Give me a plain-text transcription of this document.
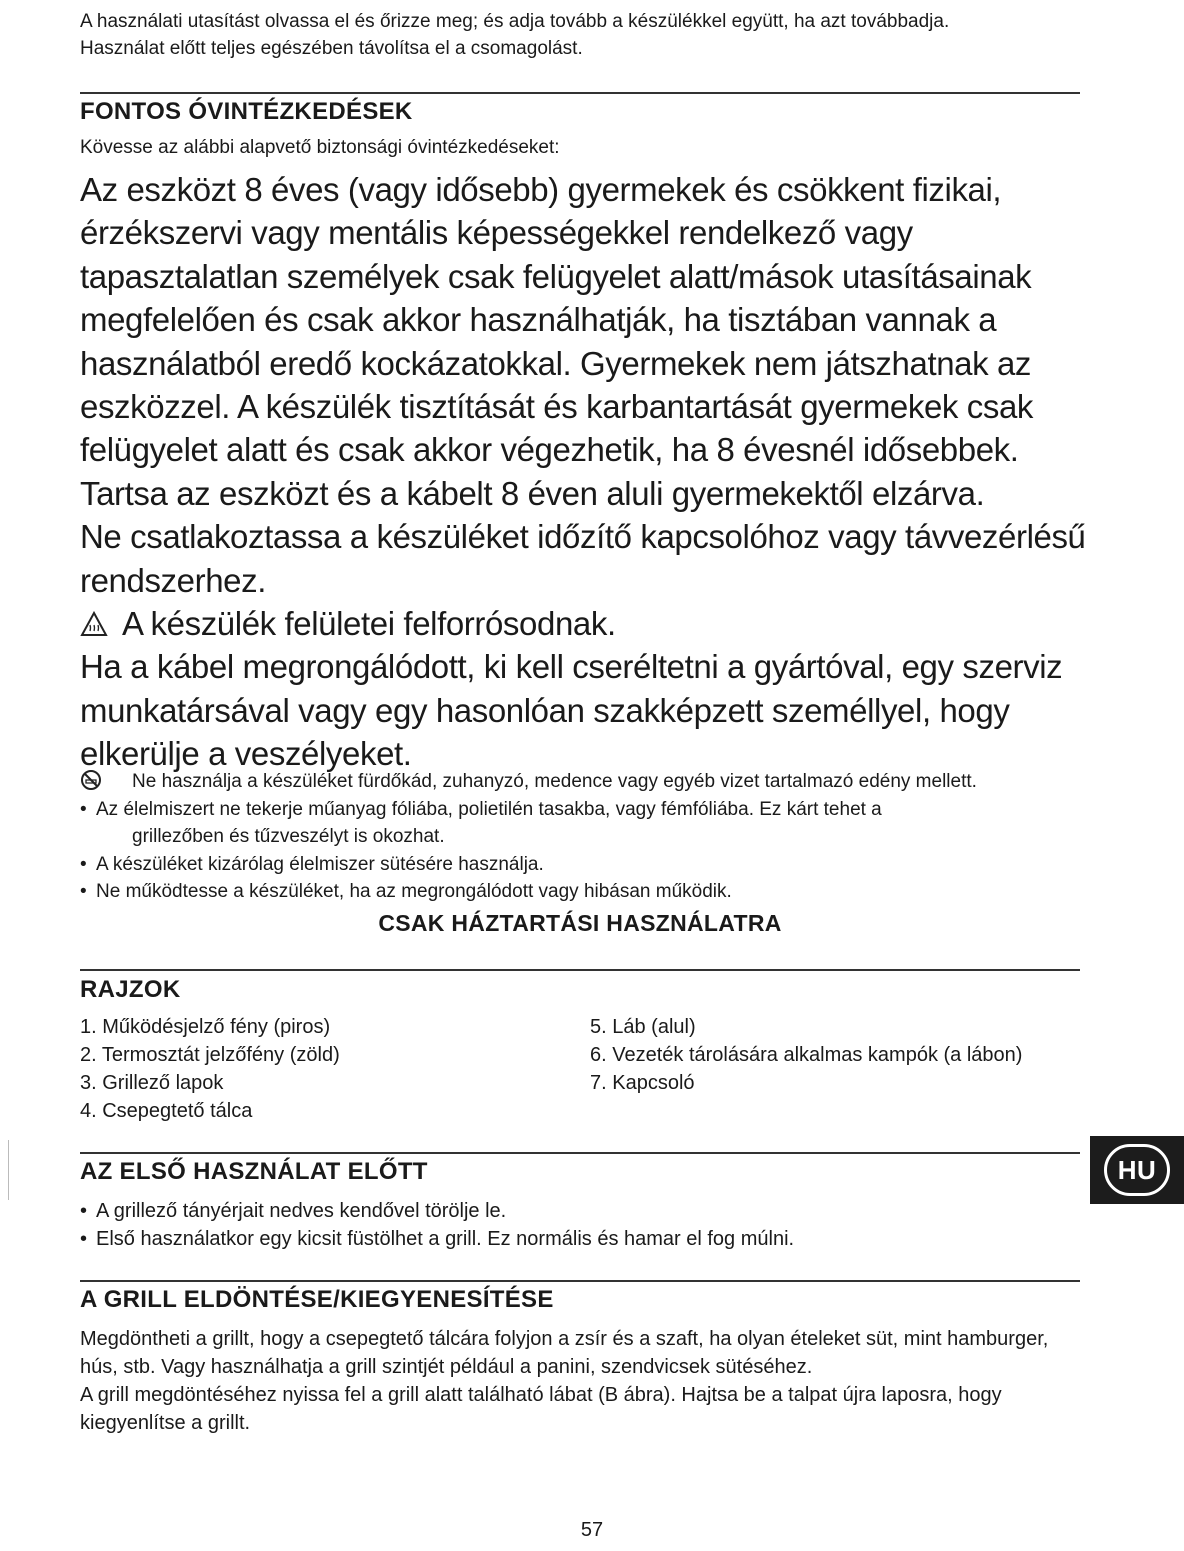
A használati utasítást olvassa el és őrizze meg; és adja tovább a készülékkel együtt, ha azt továbbadja.
Használat előtt teljes egészében távolítsa el a csomagolást.
FONTOS ÓVINTÉZKEDÉSEK
Kövesse az alábbi alapvető biztonsági óvintézkedéseket:

Az eszközt 8 éves (vagy idősebb) gyermekek és csökkent fizikai, érzékszervi vagy mentális képességekkel rendelkező vagy tapasztalatlan személyek csak felügyelet alatt/mások utasításainak megfelelően és csak akkor használhatják, ha tisztában vannak a használatból eredő kockázatokkal. Gyermekek nem játszhatnak az eszközzel. A készülék tisztítását és karbantartását gyermekek csak felügyelet alatt és csak akkor végezhetik, ha 8 évesnél idősebbek. Tartsa az eszközt és a kábelt 8 éven aluli gyermekektől elzárva.

Ne csatlakoztassa a készüléket időzítő kapcsolóhoz vagy távvezérlésű rendszerhez.

A készülék felületei felforrósodnak.

Ha a kábel megrongálódott, ki kell cseréltetni a gyártóval, egy szerviz munkatársával vagy egy hasonlóan szakképzett személlyel, hogy elkerülje a veszélyeket.

Ne használja a készüléket fürdőkád, zuhanyzó, medence vagy egyéb vizet tartalmazó edény mellett.
• Az élelmiszert ne tekerje műanyag fóliába, polietilén tasakba, vagy fémfóliába. Ez kárt tehet a
grillezőben és tűzveszélyt is okozhat.
• A készüléket kizárólag élelmiszer sütésére használja.
• Ne működtesse a készüléket, ha az megrongálódott vagy hibásan működik.
CSAK HÁZTARTÁSI HASZNÁLATRA
RAJZOK
1. Működésjelző fény (piros)
2. Termosztát jelzőfény (zöld)
3. Grillező lapok
4. Csepegtető tálca
5. Láb (alul)
6. Vezeték tárolására alkalmas kampók (a lábon)
7. Kapcsoló
AZ ELSŐ HASZNÁLAT ELŐTT
• A grillező tányérjait nedves kendővel törölje le.
• Első használatkor egy kicsit füstölhet a grill. Ez normális és hamar el fog múlni.
A GRILL ELDÖNTÉSE/KIEGYENESÍTÉSE

Megdöntheti a grillt, hogy a csepegtető tálcára folyjon a zsír és a szaft, ha olyan ételeket süt, mint hamburger, hús, stb. Vagy használhatja a grill szintjét például a panini, szendvicsek sütéséhez.

A grill megdöntéséhez nyissa fel a grill alatt található lábat (B ábra). Hajtsa be a talpat újra laposra, hogy kiegyenlítse a grillt.

HU
57
